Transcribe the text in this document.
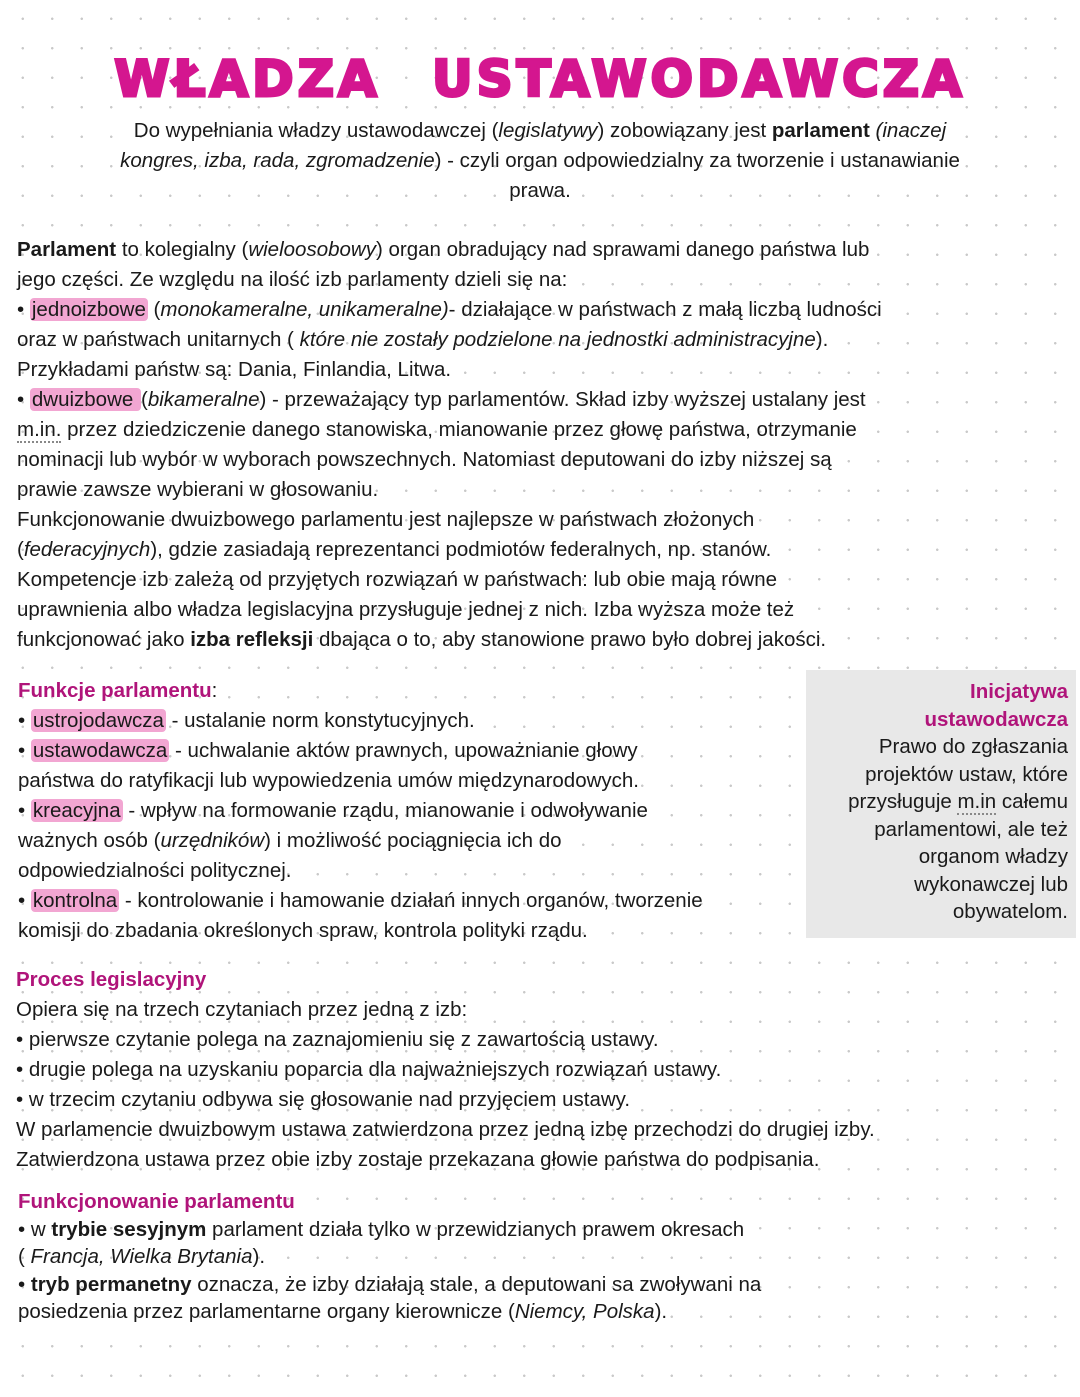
WŁADZA USTAWODAWCZA
Do wypełniania władzy ustawodawczej (legislatywy) zobowiązany jest parlament (inaczej
kongres, izba, rada, zgromadzenie) - czyli organ odpowiedzialny za tworzenie i ustanawianie
prawa.
Parlament to kolegialny (wieloosobowy) organ obradujący nad sprawami danego państwa lub
jego części. Ze względu na ilość izb parlamenty dzieli się na:
• jednoizbowe (monokameralne, unikameralne)- działające w państwach z małą liczbą ludności
oraz w państwach unitarnych ( które nie zostały podzielone na jednostki administracyjne).
Przykładami państw są: Dania, Finlandia, Litwa.
• dwuizbowe (bikameralne) - przeważający typ parlamentów. Skład izby wyższej ustalany jest
m.in. przez dziedziczenie danego stanowiska, mianowanie przez głowę państwa, otrzymanie
nominacji lub wybór w wyborach powszechnych. Natomiast deputowani do izby niższej są
prawie zawsze wybierani w głosowaniu.
Funkcjonowanie dwuizbowego parlamentu jest najlepsze w państwach złożonych
(federacyjnych), gdzie zasiadają reprezentanci podmiotów federalnych, np. stanów.
Kompetencje izb zależą od przyjętych rozwiązań w państwach: lub obie mają równe
uprawnienia albo władza legislacyjna przysługuje jednej z nich. Izba wyższa może też
funkcjonować jako izba refleksji dbająca o to, aby stanowione prawo było dobrej jakości.
Funkcje parlamentu:
• ustrojodawcza - ustalanie norm konstytucyjnych.
• ustawodawcza - uchwalanie aktów prawnych, upoważnianie głowy
państwa do ratyfikacji lub wypowiedzenia umów międzynarodowych.
• kreacyjna - wpływ na formowanie rządu, mianowanie i odwoływanie
ważnych osób (urzędników) i możliwość pociągnięcia ich do
odpowiedzialności politycznej.
• kontrolna - kontrolowanie i hamowanie działań innych organów, tworzenie
komisji do zbadania określonych spraw, kontrola polityki rządu.
Inicjatywa
ustawodawcza
Prawo do zgłaszania
projektów ustaw, które
przysługuje m.in całemu
parlamentowi, ale też
organom władzy
wykonawczej lub
obywatelom.
Proces legislacyjny
Opiera się na trzech czytaniach przez jedną z izb:
• pierwsze czytanie polega na zaznajomieniu się z zawartością ustawy.
• drugie polega na uzyskaniu poparcia dla najważniejszych rozwiązań ustawy.
• w trzecim czytaniu odbywa się głosowanie nad przyjęciem ustawy.
W parlamencie dwuizbowym ustawa zatwierdzona przez jedną izbę przechodzi do drugiej izby.
Zatwierdzona ustawa przez obie izby zostaje przekazana głowie państwa do podpisania.
Funkcjonowanie parlamentu
• w trybie sesyjnym parlament działa tylko w przewidzianych prawem okresach
( Francja, Wielka Brytania).
• tryb permanetny oznacza, że izby działają stale, a deputowani sa zwoływani na
posiedzenia przez parlamentarne organy kierownicze (Niemcy, Polska).
